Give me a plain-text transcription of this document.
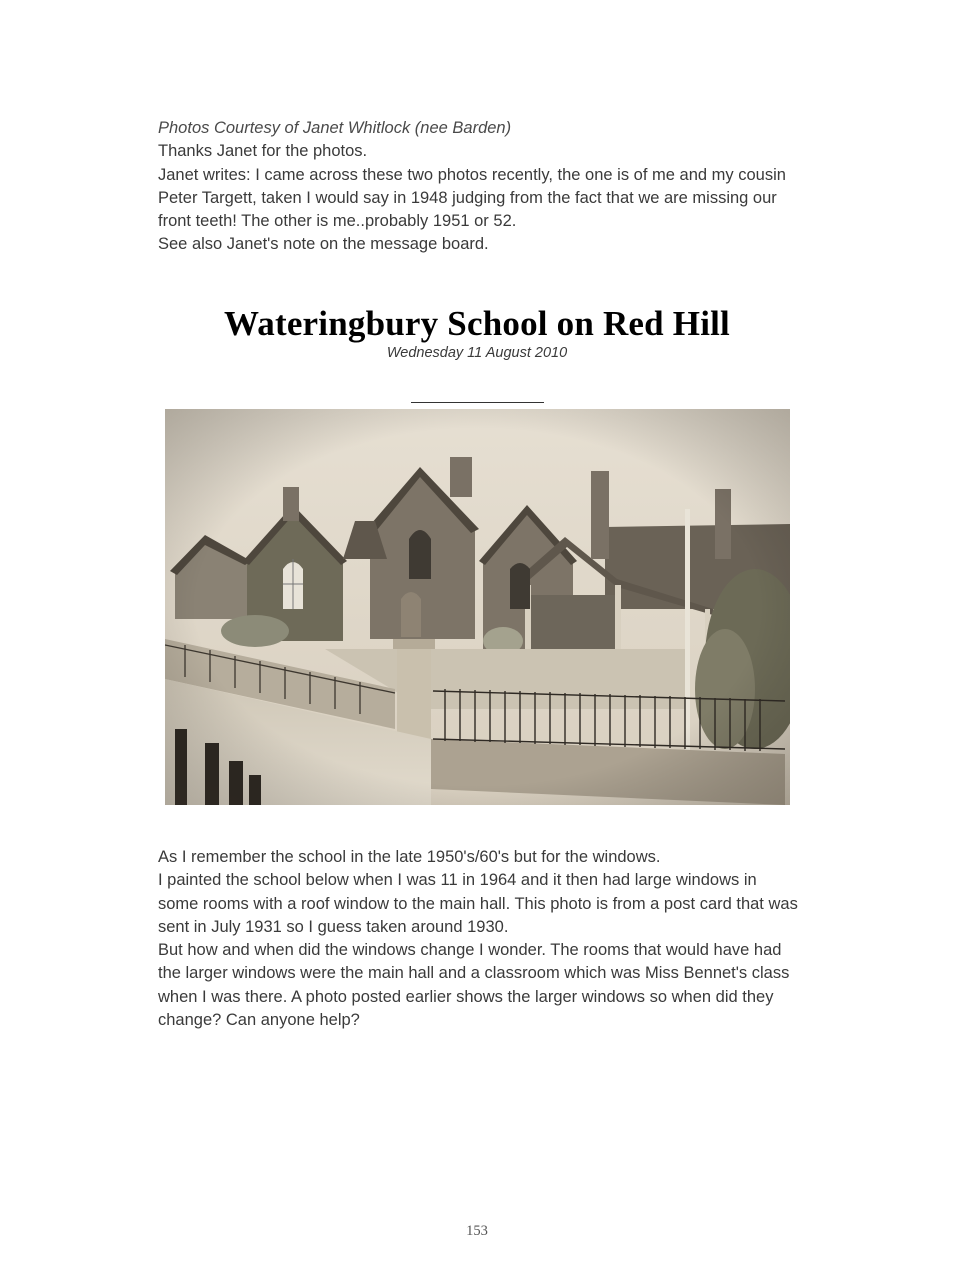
Photos Courtesy of Janet Whitlock (nee Barden)

Thanks Janet for the photos.

Janet writes: I came across these two photos recently, the one is of me and my cousin Peter Targett, taken I would say in 1948 judging from the fact that we are missing our front teeth! The other is me..probably 1951 or 52.

See also Janet's note on the message board.

Wateringbury School on Red Hill
Wednesday 11 August 2010

As I remember the school in the late 1950's/60's but for the windows.

I painted the school below when I was 11 in 1964 and it then had large windows in some rooms with a roof window to the main hall. This photo is from a post card that was sent in July 1931 so I guess taken around 1930.

But how and when did the windows change I wonder. The rooms that would have had the larger windows were the main hall and a classroom which was Miss Bennet's class when I was there. A photo posted earlier shows the larger windows so when did they change? Can anyone help?

153
